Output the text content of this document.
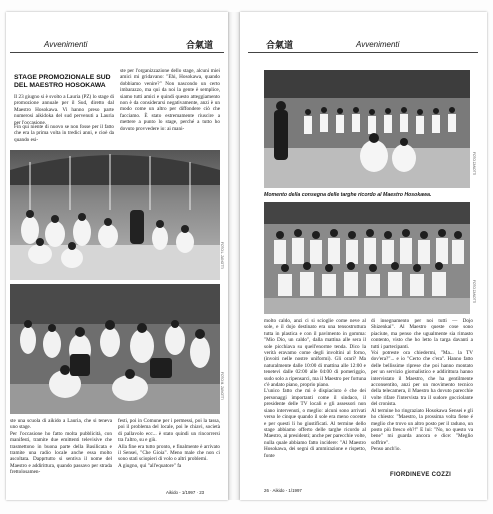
Avvenimenti	合氣道
STAGE PROMOZIONALE SUD DEL MAESTRO HOSOKAWA
Il 23 giugno si è svolto a Lauria (PZ) lo stage di promozione annuale per il Sud, diretto dal Maestro Hosokawa. Vi hanno preso parte numerosi aikidoka del sud pervenuti a Lauria per l'occasione.
Fin qui niente di nuovo se non fosse per il fatto che era la prima volta in tredici anni, e cioè da quando esi-
ste per l'organizzazione dello stage, alcuni miei amici mi gridavano: "Ehi, Hosokawa, quando dobbiamo venire?" Non nascondo un certo imbarazzo, ma qui da noi la gente è semplice, siamo tutti amici e quindi questo atteggiamento non è da considerarsi negativamente, anzi è un modo come un altro per diffondere ciò che facciamo. È stato estremamente riuscire a mettere a punto lo stage, perché a tutto ho dovuto provvedere io: ai mani-
FOTO L. ZANOTTI
FOTO M. ZANOTTI
ste una scuola di aikido a Lauria, che si teneva uno stage.
Per l'occasione ho fatto molta pubblicità, con manifesti, tramite due emittenti televisive che trasmettono in buona parte della Basilicata e tramite una radio locale anche essa molto ascoltata. Dapprtutto si sentiva il nome del Maestro e addirittura, quando passavo per strada frettolosamen-
festi, poi in Comune per i permessi, poi la tassa, poi il problema del locale, poi le chiavi, società di pallavolo ecc... è stato quindi un rincorrersi tra l'altro, su e giù.
Alla fine era tutto pronto, e finalmente è arrivato il Sensei, "Che Gioia". Meno male che non ci sono stati sciopieri di volo o altri problemi.
A giugno, qui "all'equatore" fa
Aikido - 1/1997 · 23
合氣道	Avvenimenti
FOTO ZANOTTI
Momento della consegna delle targhe ricordo al Maestro Hosokawa.
FOTO ZANOTTI
molto caldo, anzi ci si scioglie come neve al sole, e il dojo destinato era una tensostruttura tutta in plastica e con il pavimento in gomma: "Mio Dio, un caldo", dalla mattina alle sera il sole picchiava su quell'enorme tenda. Dico la verità eravamo come degli involtini al forno, (invoiti nelle nostre uniformi). Gli orari? Ma naturalmente dalle 10:00 di mattina alle 12:00 e tenetevi dalle 02:00 alle 04:00 di pomeriggio, sudo solo a ripensarci, ma il Maestro per fortuna c'è andato piano, proprio piano.
L'unico fatto che mi è dispiaciuto è che dei personaggi importanti come il sindaco, il presidente delle TV locali e gli assessori non siano intervenuti, o meglio: alcuni sono arrivati verso le cinque quando il sole era meno cocente e per questi li ho giustificati. Al termine dello stage abbiamo offerto delle targhe ricordo al Maestro, ai presidenti; anche per parecchie volte, nulla quale abbiamo fatto incidere: "Al Maestro Hosokawa, dei segni di ammirazione e rispetto, fonte
di insegnamento per noi tutti — Dojo Shizenkai". Al Maestro queste cose sono piaciute, ma penso che ugualmente sia rimasto contento, visto che ho letto la targa davanti a tutti i partecipanti.
Voi potreste ora chiedermi, "Ma... la TV dov'era?"... e io "Certo che c'era". Hanno fatto delle bellissime riprese che poi hanno montato per un servizio giornalistico e addirittura hanno intervistato il Maestro, che ha gentilmente acconsentito, anzi per un movimento tecnico della telecamera, il Maestro ha dovuto parecchie volte rifare l'intervista tra il sudore gocciolante del cronista.
Al termine ho ringraziato Hosokawa Sensei e gli ho chiesto: "Maestro, la prossima volta fiene é meglio che trovo un altro posto per il raduno, un posto più fresco eh?!" E lui: "No, no questo va bene" mi guarda ancora e dice: "Meglio soffrire".
Penso anch'io.
FIORDINEVE COZZI
26 · Aikido - 1/1997
